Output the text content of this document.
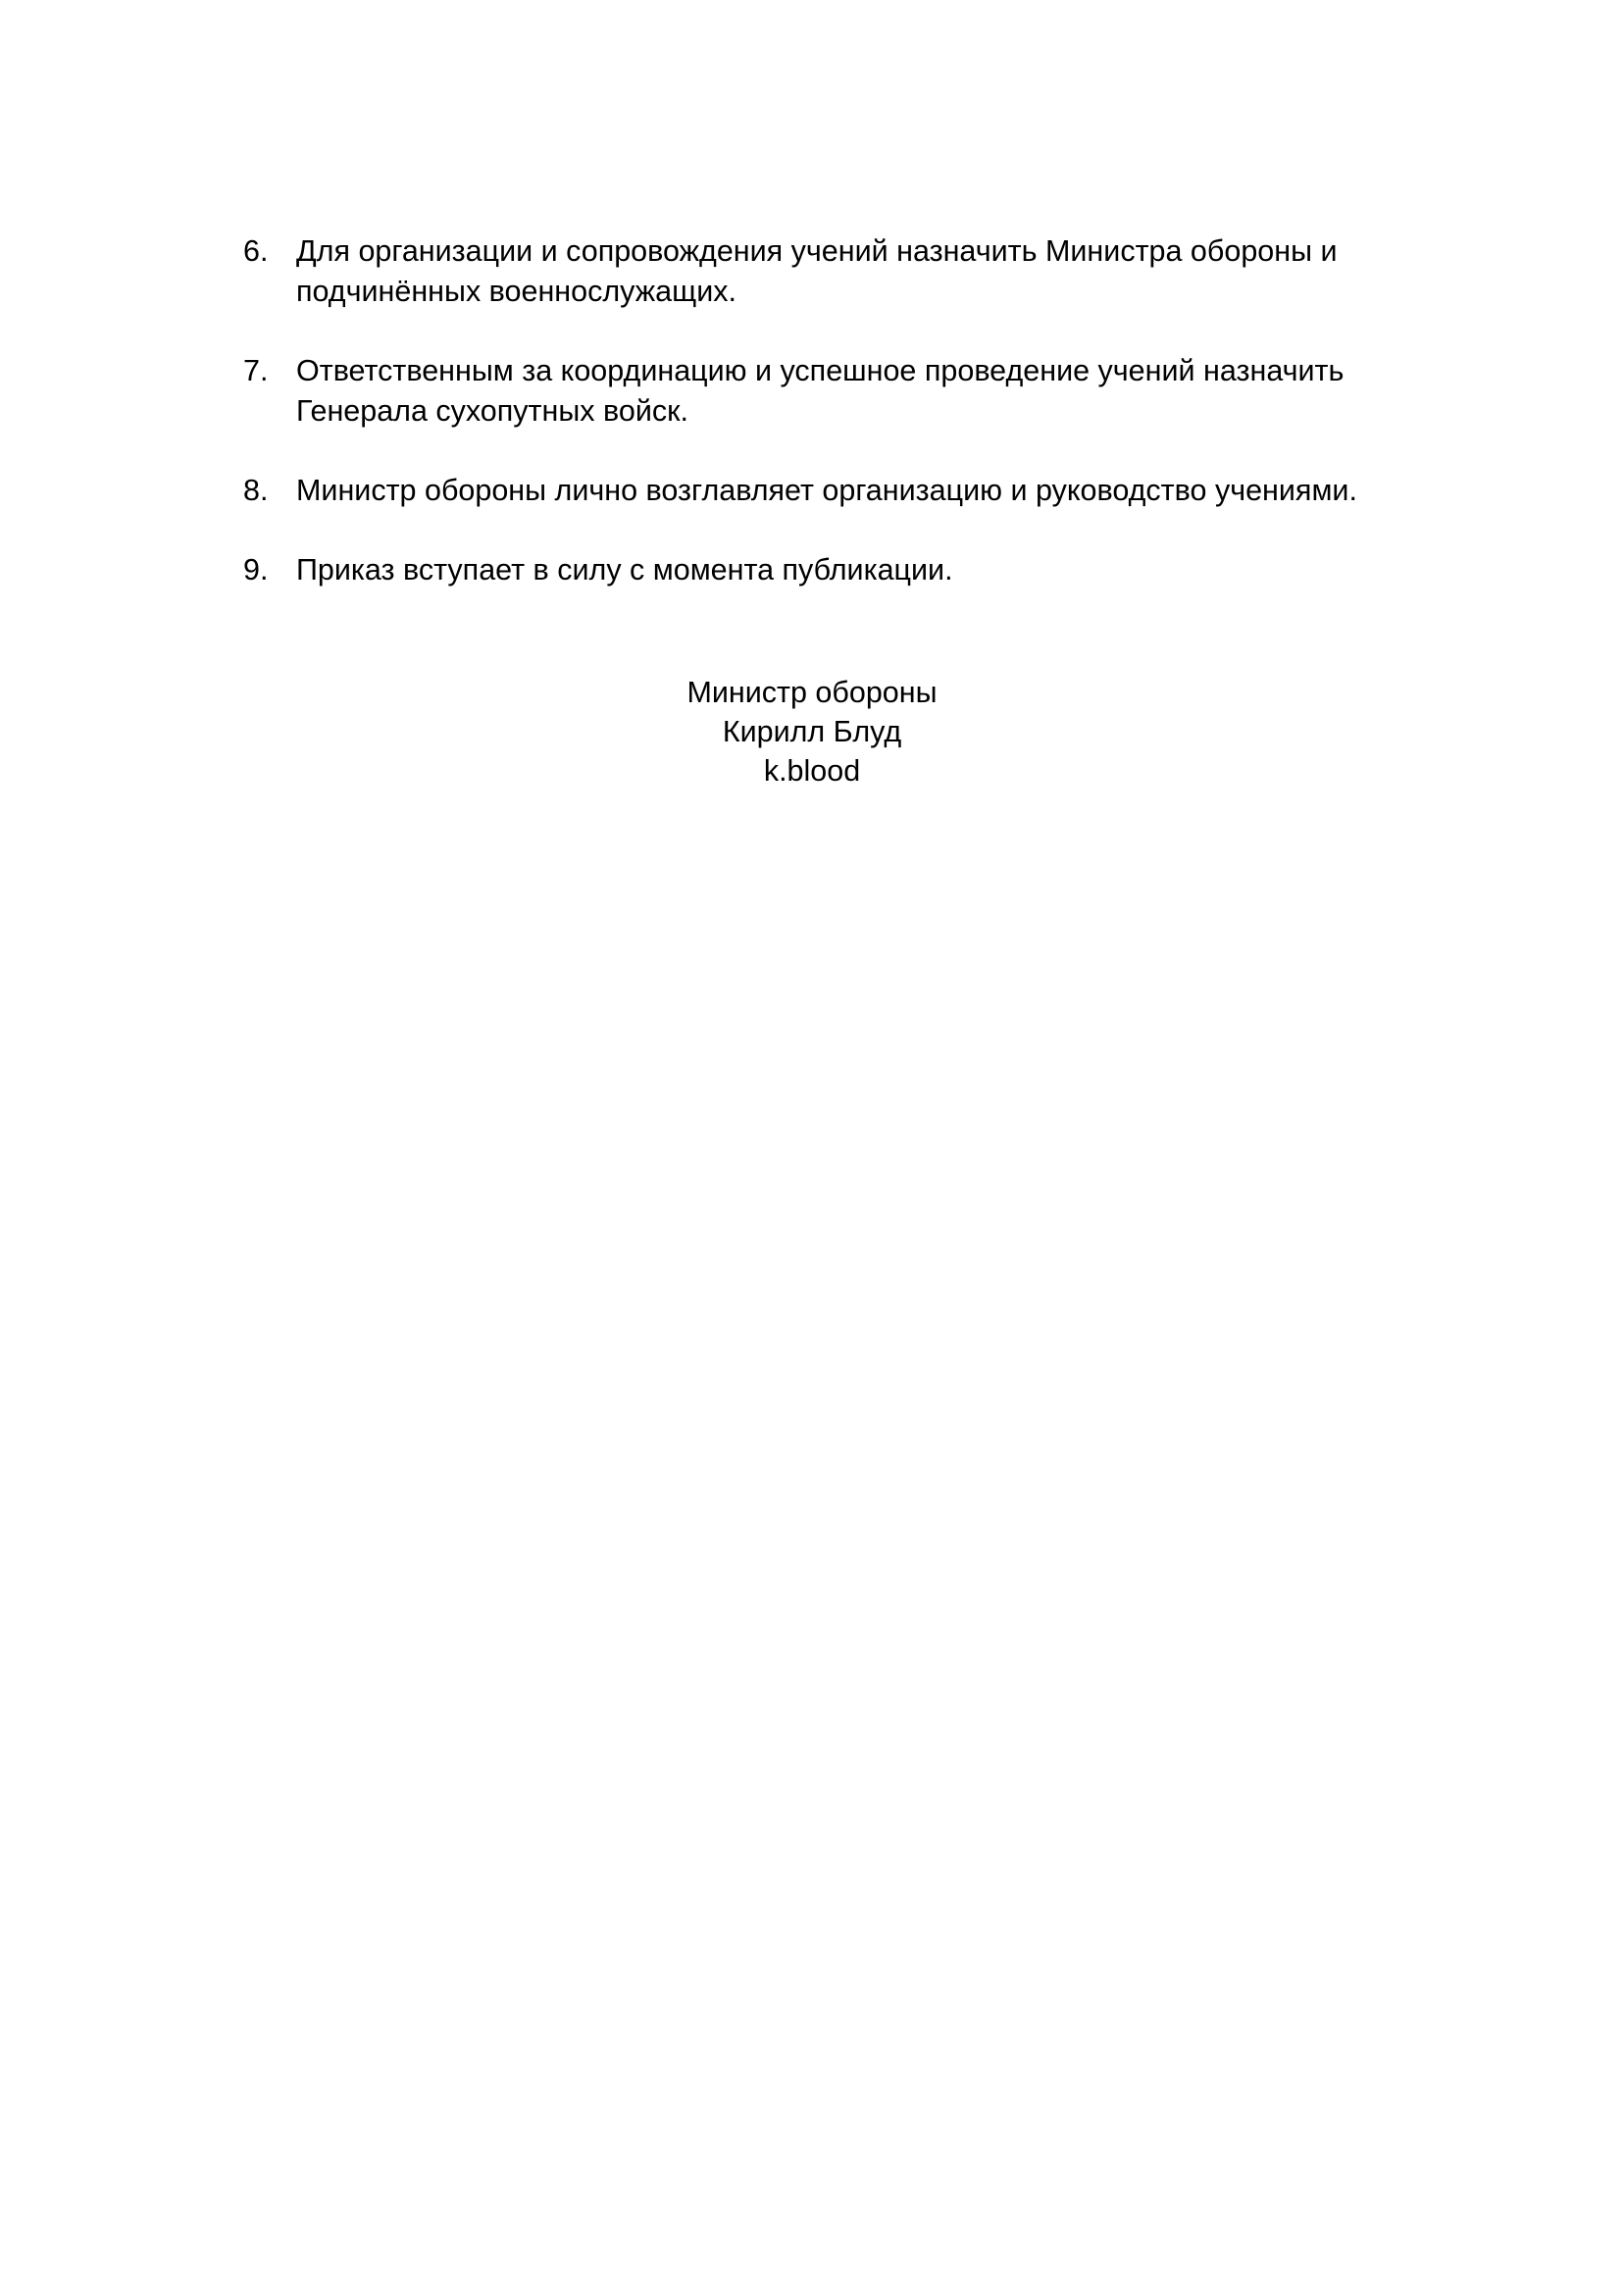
6. Для организации и сопровождения учений назначить Министра обороны и подчинённых военнослужащих.
7. Ответственным за координацию и успешное проведение учений назначить Генерала сухопутных войск.
8. Министр обороны лично возглавляет организацию и руководство учениями.
9. Приказ вступает в силу с момента публикации.
Министр обороны
Кирилл Блуд
k.blood
